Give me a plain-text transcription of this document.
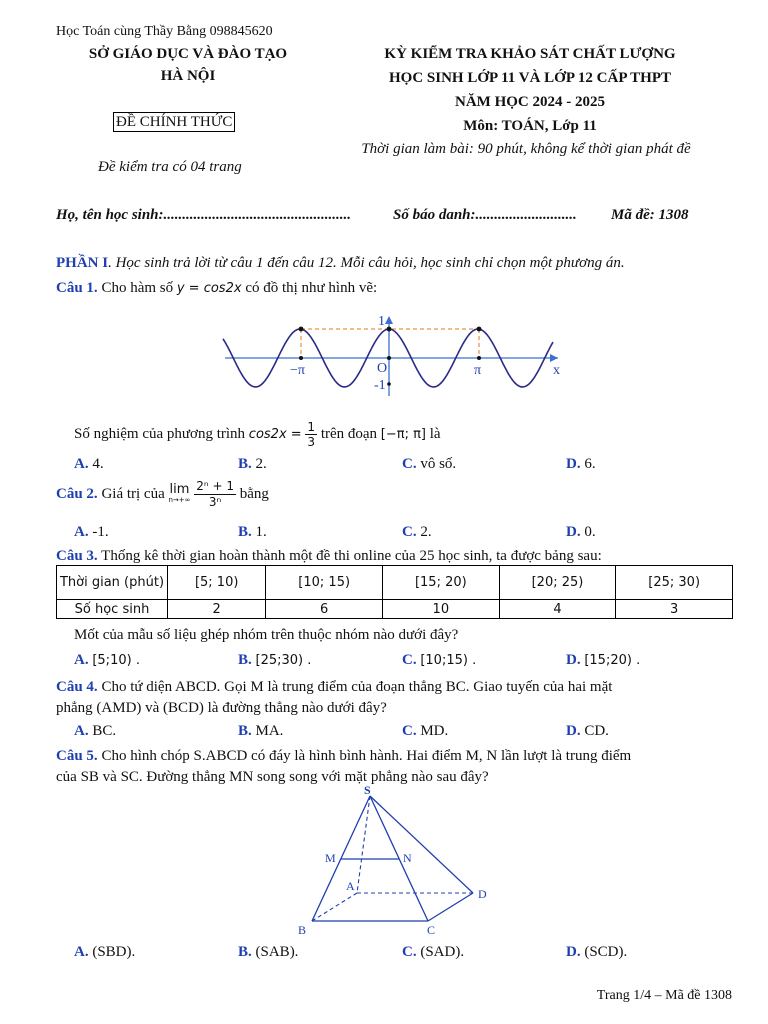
Học Toán cùng Thầy Bằng 098845620
SỞ GIÁO DỤC VÀ ĐÀO TẠO
HÀ NỘI
ĐỀ CHÍNH THỨC
Đề kiểm tra có 04 trang
KỲ KIỂM TRA KHẢO SÁT CHẤT LƯỢNG
HỌC SINH LỚP 11 VÀ LỚP 12 CẤP THPT
NĂM HỌC 2024 - 2025
Môn: TOÁN, Lớp 11
Thời gian làm bài: 90 phút, không kể thời gian phát đề
Họ, tên học sinh:..................................................	Số báo danh:........................... Mã đề: 1308
PHẦN I. Học sinh trả lời từ câu 1 đến câu 12. Mỗi câu hỏi, học sinh chỉ chọn một phương án.
Câu 1. Cho hàm số y = cos2x có đồ thị như hình vẽ:
1
-1
O
−π	π	x
Số nghiệm của phương trình $\cos 2x = \frac{1}{3}$ trên đoạn [−π; π] là
A. 4.	B. 2.	C. vô số.	D. 6.
Câu 2. Giá trị của lim
n→+∞
$\frac{\text{2ⁿ + 1}}{\text{3ⁿ}}$ bằng
A. -1.	B. 1.	C. 2.	D. 0.
Câu 3. Thống kê thời gian hoàn thành một đề thi online của 25 học sinh, ta được bảng sau:
Thời gian (phút)	[5; 10)	[10; 15)	[15; 20)	[20; 25)	[25; 30)
Số học sinh	2	6	10	4	3
Mốt của mẫu số liệu ghép nhóm trên thuộc nhóm nào dưới đây?
A. [5;10) .	B. [25;30) .	C. [10;15) .	D. [15;20) .
Câu 4. Cho tứ diện ABCD. Gọi M là trung điểm của đoạn thẳng BC. Giao tuyến của hai mặt
phẳng (AMD) và (BCD) là đường thẳng nào dưới đây?
A. BC.	B. MA.	C. MD.	D. CD.
Câu 5. Cho hình chóp S.ABCD có đáy là hình bình hành. Hai điểm M, N lần lượt là trung điểm
của SB và SC. Đường thẳng MN song song với mặt phẳng nào sau đây?
S
M	N
A
B	C
D
A. (SBD).	B. (SAB).	C. (SAD).	D. (SCD).
Trang 1/4 – Mã đề 1308
